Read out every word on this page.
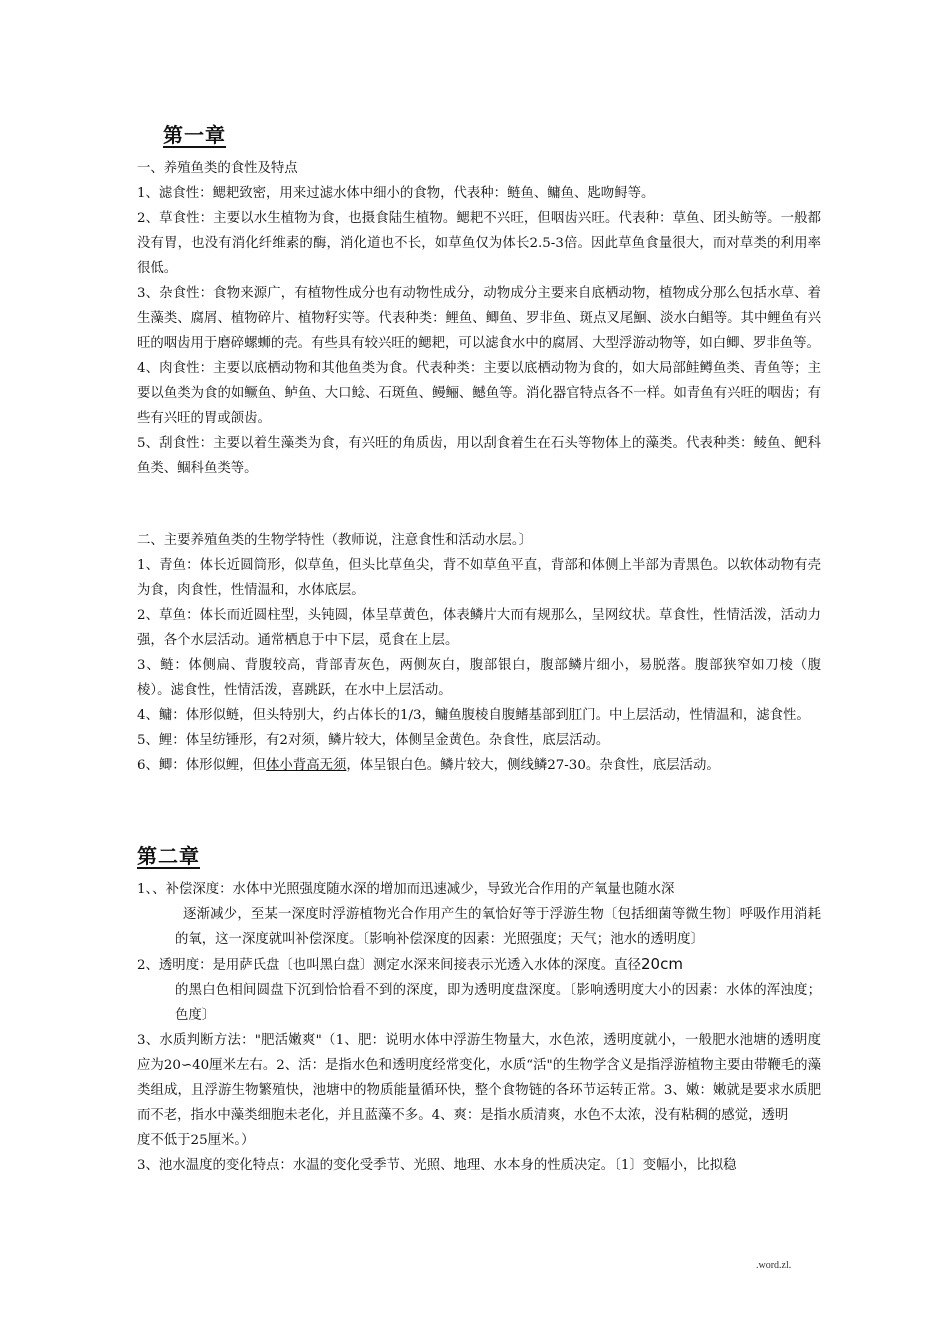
第一章

一、养殖鱼类的食性及特点

1、滤食性：鳃耙致密，用来过滤水体中细小的食物，代表种：鲢鱼、鳙鱼、匙吻鲟等。

2、草食性：主要以水生植物为食，也摄食陆生植物。鳃耙不兴旺，但咽齿兴旺。代表种：草鱼、团头鲂等。一般都没有胃，也没有消化纤维素的酶，消化道也不长，如草鱼仅为体长2.5-3倍。因此草鱼食量很大，而对草类的利用率很低。

3、杂食性：食物来源广，有植物性成分也有动物性成分，动物成分主要来自底栖动物，植物成分那么包括水草、着生藻类、腐屑、植物碎片、植物籽实等。代表种类：鲤鱼、鲫鱼、罗非鱼、斑点叉尾鮰、淡水白鲳等。其中鲤鱼有兴旺的咽齿用于磨碎螺蛳的壳。有些具有较兴旺的鳃耙，可以滤食水中的腐屑、大型浮游动物等，如白鲫、罗非鱼等。

4、肉食性：主要以底栖动物和其他鱼类为食。代表种类：主要以底栖动物为食的，如大局部鲑鳟鱼类、青鱼等；主要以鱼类为食的如鳜鱼、鲈鱼、大口鲶、石斑鱼、鳗鲡、鳡鱼等。消化器官特点各不一样。如青鱼有兴旺的咽齿；有些有兴旺的胃或颌齿。

5、刮食性：主要以着生藻类为食，有兴旺的角质齿，用以刮食着生在石头等物体上的藻类。代表种类：鲮鱼、鲃科鱼类、鲴科鱼类等。

二、主要养殖鱼类的生物学特性（教师说，注意食性和活动水层。〕

1、青鱼：体长近圆筒形，似草鱼，但头比草鱼尖，背不如草鱼平直，背部和体侧上半部为青黑色。以软体动物有壳为食，肉食性，性情温和，水体底层。

2、草鱼：体长而近圆柱型，头钝圆，体呈草黄色，体表鳞片大而有规那么，呈网纹状。草食性，性情活泼，活动力强，各个水层活动。通常栖息于中下层，觅食在上层。

3、鲢：体侧扁、背腹较高，背部青灰色，两侧灰白，腹部银白，腹部鳞片细小，易脱落。腹部狭窄如刀棱（腹棱）。滤食性，性情活泼，喜跳跃，在水中上层活动。

4、鳙：体形似鲢，但头特别大，约占体长的1/3，鳙鱼腹棱自腹鳍基部到肛门。中上层活动，性情温和，滤食性。

5、鲤：体呈纺锤形，有2对须，鳞片较大，体侧呈金黄色。杂食性，底层活动。

6、鲫：体形似鲤，但体小背高无须，体呈银白色。鳞片较大，侧线鳞27-30。杂食性，底层活动。

第二章

1、、补偿深度：水体中光照强度随水深的增加而迅速减少，导致光合作用的产氧量也随水深

逐渐减少，至某一深度时浮游植物光合作用产生的氧恰好等于浮游生物〔包括细菌等微生物〕呼吸作用消耗的氧，这一深度就叫补偿深度。〔影响补偿深度的因素：光照强度；天气；池水的透明度〕

2、透明度：是用萨氏盘〔也叫黑白盘〕测定水深来间接表示光透入水体的深度。直径20cm

的黑白色相间圆盘下沉到恰恰看不到的深度，即为透明度盘深度。〔影响透明度大小的因素：水体的浑浊度；色度〕

3、水质判断方法："肥活嫩爽"（1、肥：说明水体中浮游生物量大，水色浓，透明度就小，一般肥水池塘的透明度应为20∽40厘米左右。2、活：是指水色和透明度经常变化，水质“活"的生物学含义是指浮游植物主要由带鞭毛的藻类组成，且浮游生物繁殖快，池塘中的物质能量循环快，整个食物链的各环节运转正常。3、嫩：嫩就是要求水质肥而不老，指水中藻类细胞未老化，并且蓝藻不多。4、爽：是指水质清爽，水色不太浓，没有粘稠的感觉，透明

度不低于25厘米。）

3、池水温度的变化特点：水温的变化受季节、光照、地理、水本身的性质决定。〔1〕变幅小，比拟稳

.word.zl.
